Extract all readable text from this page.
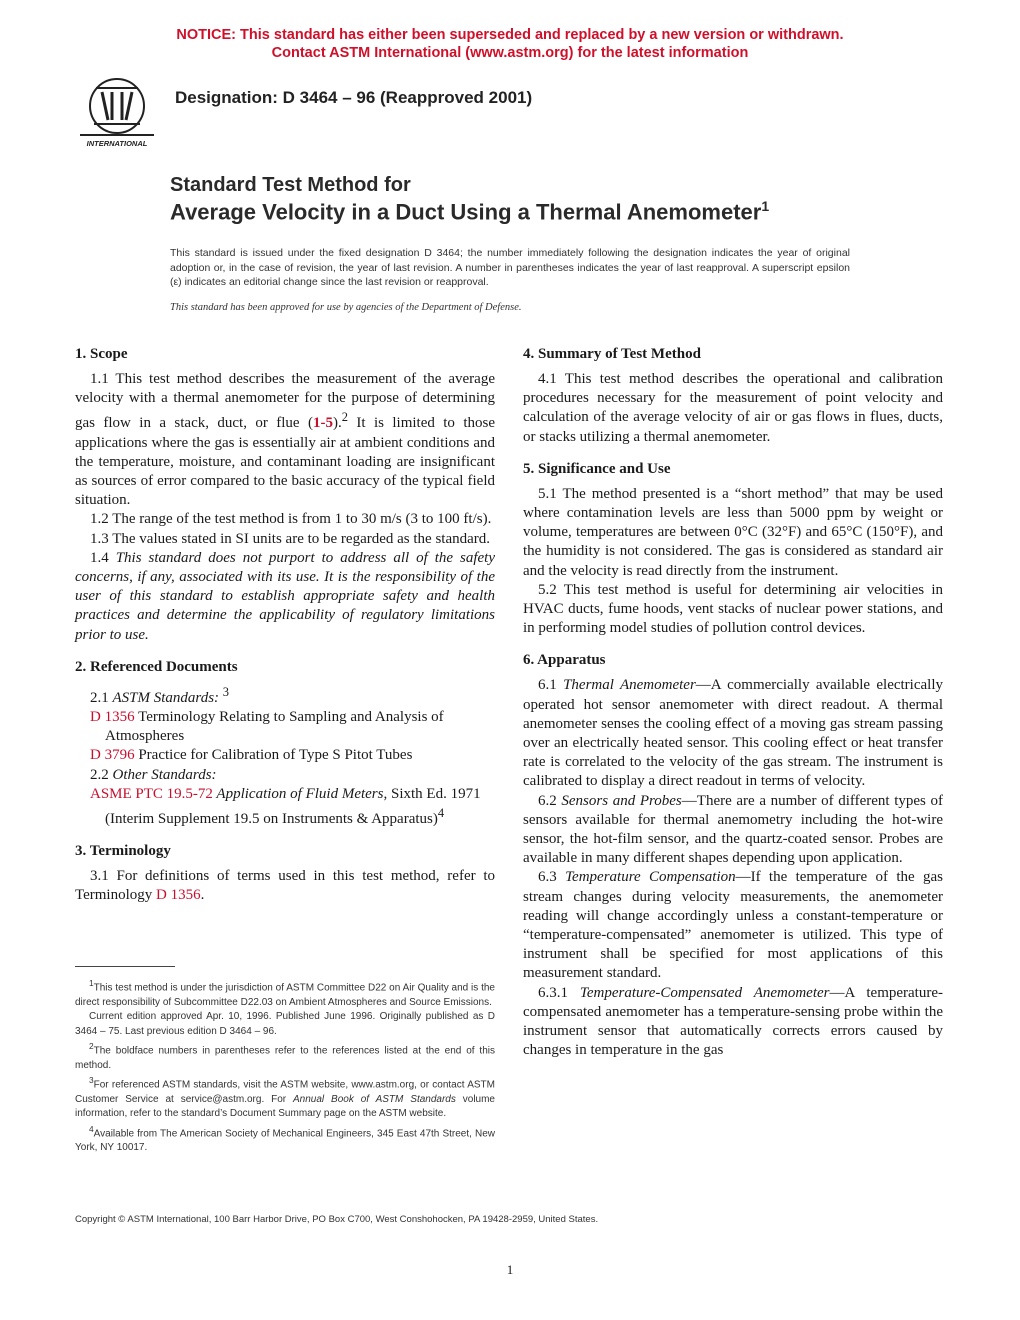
NOTICE: This standard has either been superseded and replaced by a new version or withdrawn.
Contact ASTM International (www.astm.org) for the latest information
INTERNATIONAL
Designation: D 3464 – 96 (Reapproved 2001)
Standard Test Method for
Average Velocity in a Duct Using a Thermal Anemometer$^1$
This standard is issued under the fixed designation D 3464; the number immediately following the designation indicates the year of original adoption or, in the case of revision, the year of last revision. A number in parentheses indicates the year of last reapproval. A superscript epsilon (ε) indicates an editorial change since the last revision or reapproval.
This standard has been approved for use by agencies of the Department of Defense.
1. Scope

1.1 This test method describes the measurement of the average velocity with a thermal anemometer for the purpose of determining gas flow in a stack, duct, or flue (1-5).$^2$ It is limited to those applications where the gas is essentially air at ambient conditions and the temperature, moisture, and contaminant loading are insignificant as sources of error compared to the basic accuracy of the typical field situation.

1.2 The range of the test method is from 1 to 30 m/s (3 to 100 ft/s).

1.3 The values stated in SI units are to be regarded as the standard.

1.4 This standard does not purport to address all of the safety concerns, if any, associated with its use. It is the responsibility of the user of this standard to establish appropriate safety and health practices and determine the applicability of regulatory limitations prior to use.

2. Referenced Documents

2.1 ASTM Standards: $^3$

D 1356 Terminology Relating to Sampling and Analysis of Atmospheres

D 3796 Practice for Calibration of Type S Pitot Tubes

2.2 Other Standards:

ASME PTC 19.5-72 Application of Fluid Meters, Sixth Ed. 1971 (Interim Supplement 19.5 on Instruments & Apparatus)$^4$

3. Terminology

3.1 For definitions of terms used in this test method, refer to Terminology D 1356.

4. Summary of Test Method

4.1 This test method describes the operational and calibration procedures necessary for the measurement of point velocity and calculation of the average velocity of air or gas flows in flues, ducts, or stacks utilizing a thermal anemometer.

5. Significance and Use

5.1 The method presented is a “short method” that may be used where contamination levels are less than 5000 ppm by weight or volume, temperatures are between 0°C (32°F) and 65°C (150°F), and the humidity is not considered. The gas is considered as standard air and the velocity is read directly from the instrument.

5.2 This test method is useful for determining air velocities in HVAC ducts, fume hoods, vent stacks of nuclear power stations, and in performing model studies of pollution control devices.

6. Apparatus

6.1 Thermal Anemometer—A commercially available electrically operated hot sensor anemometer with direct readout. A thermal anemometer senses the cooling effect of a moving gas stream passing over an electrically heated sensor. This cooling effect or heat transfer rate is correlated to the velocity of the gas stream. The instrument is calibrated to display a direct readout in terms of velocity.

6.2 Sensors and Probes—There are a number of different types of sensors available for thermal anemometry including the hot-wire sensor, the hot-film sensor, and the quartz-coated sensor. Probes are available in many different shapes depending upon application.

6.3 Temperature Compensation—If the temperature of the gas stream changes during velocity measurements, the anemometer reading will change accordingly unless a constant-temperature or “temperature-compensated” anemometer is utilized. This type of instrument shall be specified for most applications of this measurement standard.

6.3.1 Temperature-Compensated Anemometer—A temperature-compensated anemometer has a temperature-sensing probe within the instrument sensor that automatically corrects errors caused by changes in temperature in the gas

$^1$This test method is under the jurisdiction of ASTM Committee D22 on Air Quality and is the direct responsibility of Subcommittee D22.03 on Ambient Atmospheres and Source Emissions.

Current edition approved Apr. 10, 1996. Published June 1996. Originally published as D 3464 – 75. Last previous edition D 3464 – 96.

$^2$The boldface numbers in parentheses refer to the references listed at the end of this method.

$^3$For referenced ASTM standards, visit the ASTM website, www.astm.org, or contact ASTM Customer Service at service@astm.org. For Annual Book of ASTM Standards volume information, refer to the standard’s Document Summary page on the ASTM website.

$^4$Available from The American Society of Mechanical Engineers, 345 East 47th Street, New York, NY 10017.

Copyright © ASTM International, 100 Barr Harbor Drive, PO Box C700, West Conshohocken, PA 19428-2959, United States.
1
